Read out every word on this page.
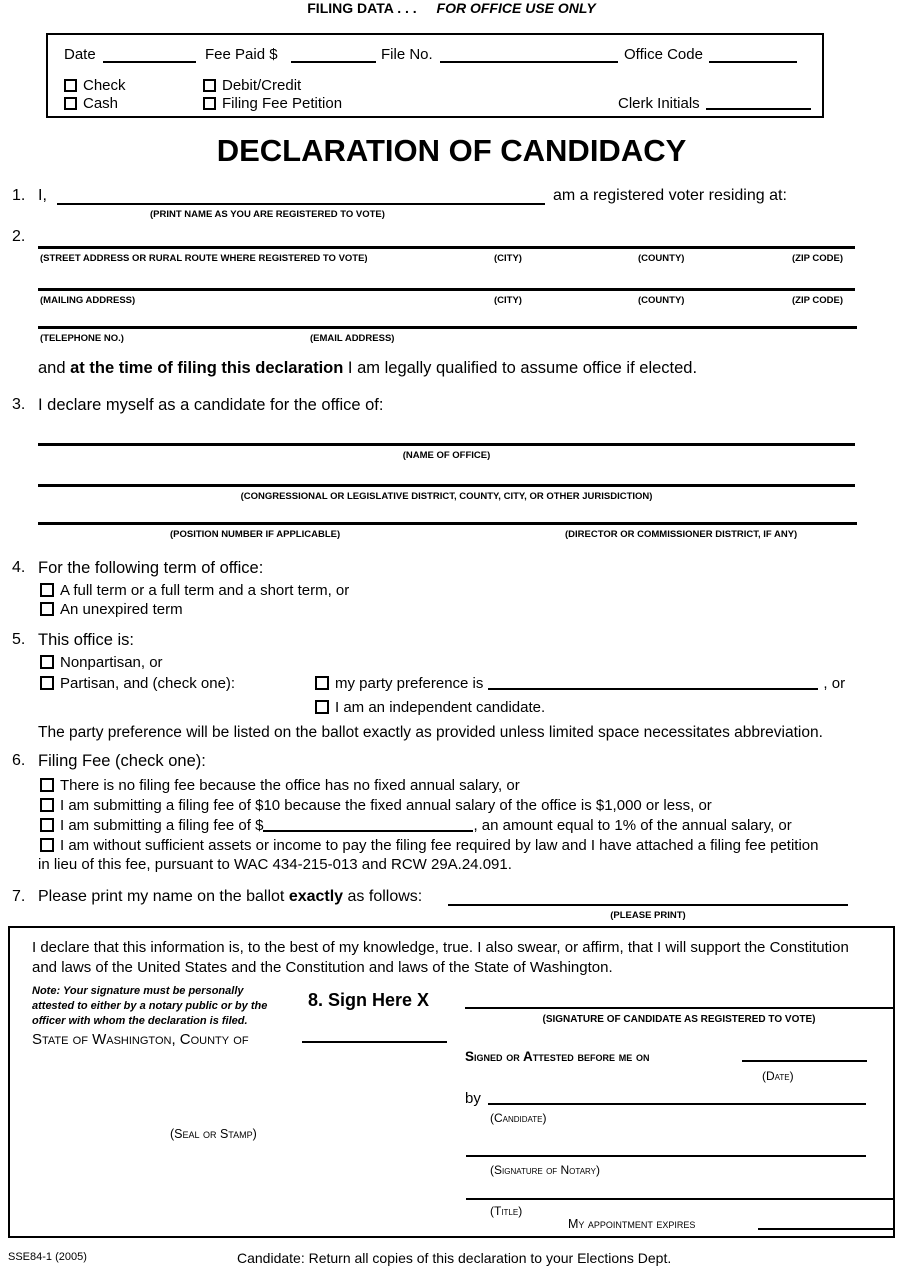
FILING DATA . . . FOR OFFICE USE ONLY
Date	Fee Paid $	File No.	Office Code
Check	Debit/Credit
Cash	Filing Fee Petition	Clerk Initials
DECLARATION OF CANDIDACY
1. I,	am a registered voter residing at:
(PRINT NAME AS YOU ARE REGISTERED TO VOTE)
2.
(STREET ADDRESS OR RURAL ROUTE WHERE REGISTERED TO VOTE)	(CITY)	(COUNTY)	(ZIP CODE)
(MAILING ADDRESS)	(CITY)	(COUNTY)	(ZIP CODE)
(TELEPHONE NO.)	(EMAIL ADDRESS)
and at the time of filing this declaration I am legally qualified to assume office if elected.
3. I declare myself as a candidate for the office of:
(NAME OF OFFICE)
(CONGRESSIONAL OR LEGISLATIVE DISTRICT, COUNTY, CITY, OR OTHER JURISDICTION)
(POSITION NUMBER IF APPLICABLE)	(DIRECTOR OR COMMISSIONER DISTRICT, IF ANY)
4. For the following term of office:
A full term or a full term and a short term, or
An unexpired term
5. This office is:
Nonpartisan, or
Partisan, and (check one):	my party preference is	, or
I am an independent candidate.
The party preference will be listed on the ballot exactly as provided unless limited space necessitates abbreviation.
6. Filing Fee (check one):
There is no filing fee because the office has no fixed annual salary, or
I am submitting a filing fee of $10 because the fixed annual salary of the office is $1,000 or less, or
I am submitting a filing fee of $	, an amount equal to 1% of the annual salary, or
I am without sufficient assets or income to pay the filing fee required by law and I have attached a filing fee petition
in lieu of this fee, pursuant to WAC 434-215-013 and RCW 29A.24.091.
7. Please print my name on the ballot exactly as follows:
(PLEASE PRINT)
I declare that this information is, to the best of my knowledge, true. I also swear, or affirm, that I will support the Constitution and laws of the United States and the Constitution and laws of the State of Washington.
Note: Your signature must be personally attested to either by a notary public or by the officer with whom the declaration is filed.
8. Sign Here X
(SIGNATURE OF CANDIDATE AS REGISTERED TO VOTE)
State of Washington, County of
Signed or Attested before me on
(Date)
by
(Candidate)
(Seal or Stamp)
(Signature of Notary)
(Title)
My appointment expires
SSE84-1 (2005)	Candidate: Return all copies of this declaration to your Elections Dept.
